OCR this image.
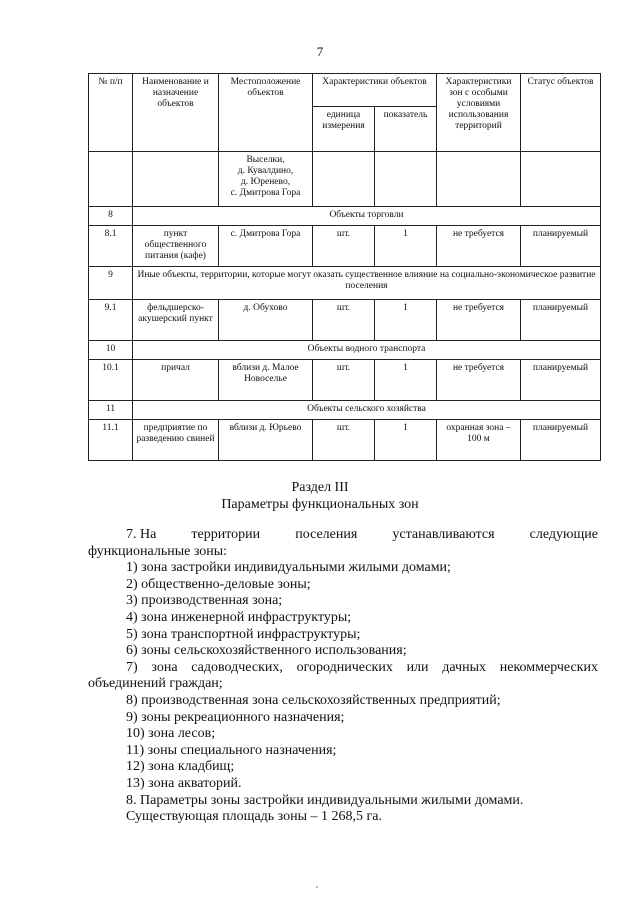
7
№ п/п	Наименование и назначение объектов	Местоположение объектов	Характеристики объектов		Характеристики зон с особыми условиями использования территорий	Статус объектов
			единица измерения	показатель		

		Выселки,
д. Кувалдино,
д. Юренево,
с. Дмитрова Гора				

8	Объекты торговли					
8.1	пункт общественного питания (кафе)	с. Дмитрова Гора	шт.	1	не требуется	планируемый
9	Иные объекты, территории, которые могут оказать существенное влияние на социально-экономическое развитие поселения					
9.1	фельдшерско-акушерский пункт	д. Обухово	шт.	1	не требуется	планируемый
10	Объекты водного транспорта					
10.1	причал	вблизи д. Малое Новоселье	шт.	1	не требуется	планируемый
11	Объекты сельского хозяйства					
11.1	предприятие по разведению свиней	вблизи д. Юрьево	шт.	1	охранная зона – 100 м	планируемый
Раздел III
Параметры функциональных зон

7. На	территории	поселения	устанавливаются	следующие

функциональные зоны:

1) зона застройки индивидуальными жилыми домами;

2) общественно-деловые зоны;

3) производственная зона;

4) зона инженерной инфраструктуры;

5) зона транспортной инфраструктуры;

6) зоны сельскохозяйственного использования;

7) зона садоводческих, огороднических или дачных некоммерческих

объединений граждан;

8) производственная зона сельскохозяйственных предприятий;

9) зоны рекреационного назначения;

10) зона лесов;

11) зоны специального назначения;

12) зона кладбищ;

13) зона акваторий.

8. Параметры зоны застройки индивидуальными жилыми домами.

Существующая площадь зоны – 1 268,5 га.
